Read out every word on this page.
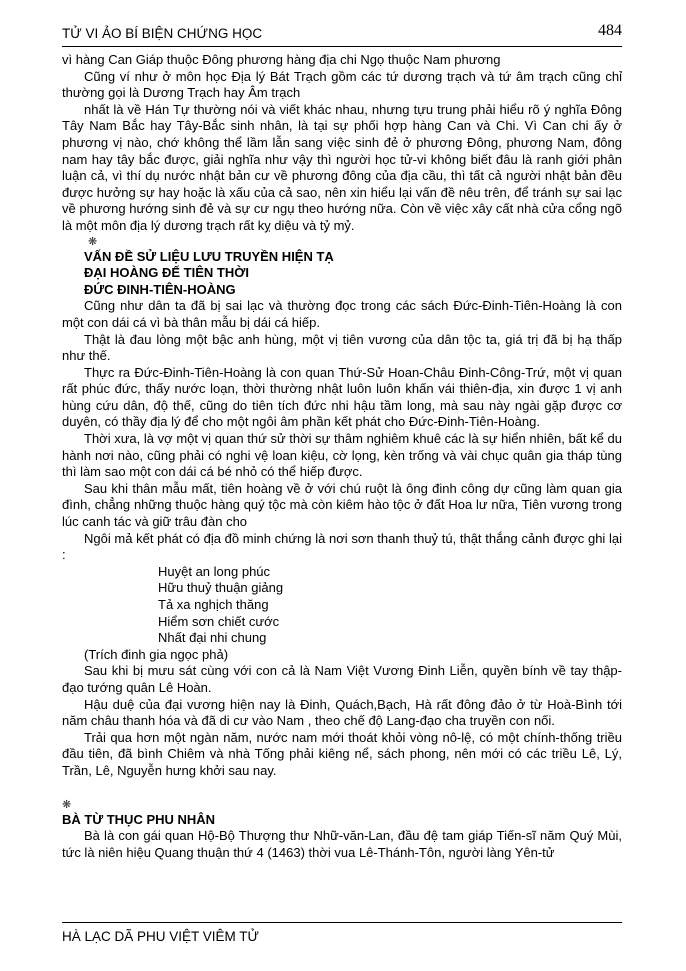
TỬ VI ẢO BÍ BIỆN CHỨNG HỌC	484

vì hàng Can Giáp thuộc Đông phương hàng địa chi Ngọ thuộc Nam phương

Cũng ví như ở môn học Địa lý Bát Trạch gồm các tứ dương trạch và tứ âm trạch cũng chỉ thường gọi là Dương Trạch hay Âm trạch

nhất là về Hán Tự thường nói và viết khác nhau, nhưng tựu trung phải hiểu rõ ý nghĩa Đông Tây Nam Bắc hay Tây-Bắc sinh nhân, là tại sự phối hợp hàng Can và Chi. Vì Can chi ấy ở phương vị nào, chớ không thể lầm lẫn sang việc sinh đẻ ở phương Đông, phương Nam, đông nam hay tây bắc được, giải nghĩa như vậy thì người học tử-vi không biết đâu là ranh giới phân luận cả, vì thí dụ nước nhật bản cư về phương đông của địa cầu, thì tất cả người nhật bản đều được hưởng sự hay hoặc là xấu của cả sao, nên xin hiểu lại vấn đề nêu trên, để tránh sự sai lạc về phương hướng sinh đẻ và sự cư ngụ theo hướng nữa. Còn về việc xây cất nhà cửa cổng ngõ là một môn địa lý dương trạch rất kỵ diệu và tỷ mỷ.

❋
VẤN ĐỀ SỬ LIỆU LƯU TRUYỀN HIỆN TẠ
ĐẠI HOÀNG ĐẾ TIÊN THỜI
ĐỨC ĐINH-TIÊN-HOÀNG

Cũng như dân ta đã bị sai lạc và thường đọc trong các sách Đức-Đinh-Tiên-Hoàng là con một con dái cá vì bà thân mẫu bị dái cá hiếp.

Thật là đau lòng một bậc anh hùng, một vị tiên vương của dân tộc ta, giá trị đã bị hạ thấp như thế.

Thực ra Đức-Đinh-Tiên-Hoàng là con quan Thứ-Sử Hoan-Châu Đinh-Công-Trứ, một vị quan rất phúc đức, thấy nước loạn, thời thường nhật luôn luôn khấn vái thiên-địa, xin được 1 vị anh hùng cứu dân, độ thế, cũng do tiên tích đức nhi hậu tầm long, mà sau này ngài gặp được cơ duyên, có thầy địa lý để cho một ngôi âm phần kết phát cho Đức-Đinh-Tiên-Hoàng.

Thời xưa, là vợ một vị quan thứ sử thời sự thâm nghiêm khuê các là sự hiển nhiên, bất kể du hành nơi nào, cũng phải có nghi vệ loan kiệu, cờ lọng, kèn trống và vài chục quân gia tháp tùng thì làm sao một con dái cá bé nhỏ có thể hiếp được.

Sau khi thân mẫu mất, tiên hoàng về ở với chú ruột là ông đinh công dự cũng làm quan gia đình, chẳng những thuộc hàng quý tộc mà còn kiêm hào tộc ở đất Hoa lư nữa, Tiên vương trong lúc canh tác và giữ trâu đàn cho

Ngôi mả kết phát có địa đồ minh chứng là nơi sơn thanh thuỷ tú, thật thắng cảnh được ghi lại :

Huyệt an long phúc
Hữu thuỷ thuận giảng
Tả xa nghịch thăng
Hiểm sơn chiết cước
Nhất đại nhi chung

(Trích đinh gia ngọc phả)

Sau khi bị mưu sát cùng với con cả là Nam Việt Vương Đinh Liễn, quyền bính về tay thập-đạo tướng quân Lê Hoàn.

Hậu duệ của đại vương hiện nay là Đinh, Quách,Bạch, Hà rất đông đảo ở từ Hoà-Bình tới năm châu thanh hóa và đã di cư vào Nam , theo chế độ Lang-đạo cha truyền con nối.

Trải qua hơn một ngàn năm, nước nam mới thoát khỏi vòng nô-lệ, có một chính-thống triều đầu tiên, đã bình Chiêm và nhà Tống phải kiêng nể, sách phong, nên mới có các triều Lê, Lý, Trần, Lê, Nguyễn hưng khởi sau nay.

❋
BÀ TỪ THỤC PHU NHÂN

Bà là con gái quan Hộ-Bộ Thượng thư Nhữ-văn-Lan, đầu đệ tam giáp Tiến-sĩ năm Quý Mùi, tức là niên hiệu Quang thuận thứ 4 (1463) thời vua Lê-Thánh-Tôn, người làng Yên-tử

HÀ LẠC DÃ PHU VIỆT VIÊM TỬ
